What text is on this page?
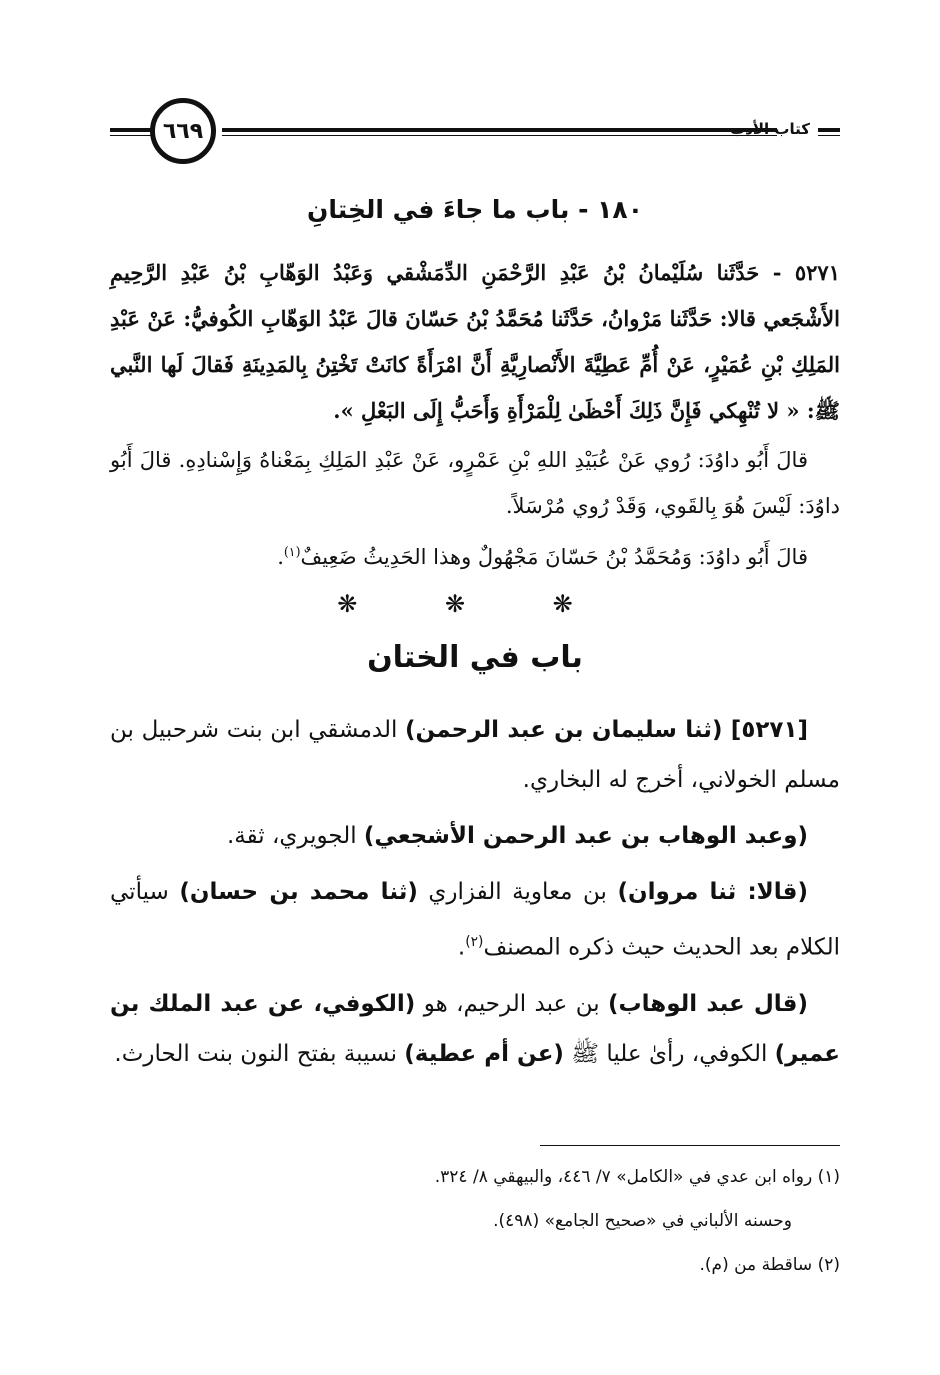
٦٦٩	كتاب الأدب
١٨٠ - باب ما جاءَ في الخِتانِ

٥٢٧١ - حَدَّثَنا سُلَيْمانُ بْنُ عَبْدِ الرَّحْمَنِ الدِّمَشْقي وَعَبْدُ الوَهّابِ بْنُ عَبْدِ الرَّحِيمِ الأَشْجَعي قالا: حَدَّثَنا مَرْوانُ، حَدَّثَنا مُحَمَّدُ بْنُ حَسّانَ قالَ عَبْدُ الوَهّابِ الكُوفيُّ: عَنْ عَبْدِ المَلِكِ بْنِ عُمَيْرٍ، عَنْ أُمِّ عَطِيَّةَ الأَنْصارِيَّةِ أَنَّ امْرَأَةً كانَتْ تَخْتِنُ بِالمَدِينَةِ فَقالَ لَها النَّبي ﷺ: « لا تُنْهِكي فَإِنَّ ذَلِكَ أَحْظَىٰ لِلْمَرْأَةِ وَأَحَبُّ إِلَى البَعْلِ ».

قالَ أَبُو داوُدَ: رُوي عَنْ عُبَيْدِ اللهِ بْنِ عَمْرٍو، عَنْ عَبْدِ المَلِكِ بِمَعْناهُ وَإِسْنادِهِ. قالَ أَبُو داوُدَ: لَيْسَ هُوَ بِالقَوي، وَقَدْ رُوي مُرْسَلاً.

قالَ أَبُو داوُدَ: وَمُحَمَّدُ بْنُ حَسّانَ مَجْهُولٌ وهذا الحَدِيثُ ضَعِيفٌ$^{(١)}$.

❋ ❋ ❋
باب في الختان

[٥٢٧١] (ثنا سليمان بن عبد الرحمن) الدمشقي ابن بنت شرحبيل بن مسلم الخولاني، أخرج له البخاري.

(وعبد الوهاب بن عبد الرحمن الأشجعي) الجويري، ثقة.

(قالا: ثنا مروان) بن معاوية الفزاري (ثنا محمد بن حسان) سيأتي الكلام بعد الحديث حيث ذكره المصنف$^{(٢)}$.

(قال عبد الوهاب) بن عبد الرحيم، هو (الكوفي، عن عبد الملك بن عمير) الكوفي، رأىٰ عليا ﷺ (عن أم عطية) نسيبة بفتح النون بنت الحارث.

(١) رواه ابن عدي في «الكامل» ٧/ ٤٤٦، والبيهقي ٨/ ٣٢٤.

وحسنه الألباني في «صحيح الجامع» (٤٩٨).

(٢) ساقطة من (م).
